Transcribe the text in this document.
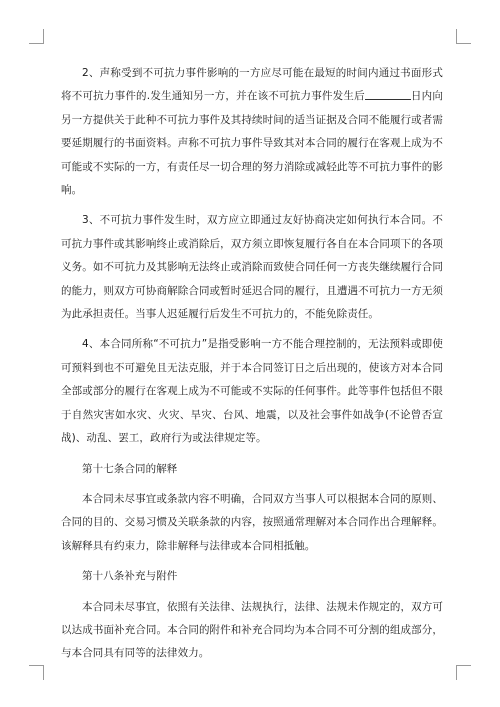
2、声称受到不可抗力事件影响的一方应尽可能在最短的时间内通过书面形式将不可抗力事件的.发生通知另一方，并在该不可抗力事件发生后	日内向另一方提供关于此种不可抗力事件及其持续时间的适当证据及合同不能履行或者需要延期履行的书面资料。声称不可抗力事件导致其对本合同的履行在客观上成为不可能或不实际的一方，有责任尽一切合理的努力消除或减轻此等不可抗力事件的影响。

3、不可抗力事件发生时，双方应立即通过友好协商决定如何执行本合同。不可抗力事件或其影响终止或消除后，双方须立即恢复履行各自在本合同项下的各项义务。如不可抗力及其影响无法终止或消除而致使合同任何一方丧失继续履行合同的能力，则双方可协商解除合同或暂时延迟合同的履行，且遭遇不可抗力一方无须为此承担责任。当事人迟延履行后发生不可抗力的，不能免除责任。

4、本合同所称“不可抗力”是指受影响一方不能合理控制的，无法预料或即使可预料到也不可避免且无法克服，并于本合同签订日之后出现的，使该方对本合同全部或部分的履行在客观上成为不可能或不实际的任何事件。此等事件包括但不限于自然灾害如水灾、火灾、旱灾、台风、地震，以及社会事件如战争(不论曾否宣战)、动乱、罢工，政府行为或法律规定等。

第十七条合同的解释

本合同未尽事宜或条款内容不明确，合同双方当事人可以根据本合同的原则、合同的目的、交易习惯及关联条款的内容，按照通常理解对本合同作出合理解释。该解释具有约束力，除非解释与法律或本合同相抵触。

第十八条补充与附件

本合同未尽事宜，依照有关法律、法规执行，法律、法规未作规定的，双方可以达成书面补充合同。本合同的附件和补充合同均为本合同不可分割的组成部分，与本合同具有同等的法律效力。
